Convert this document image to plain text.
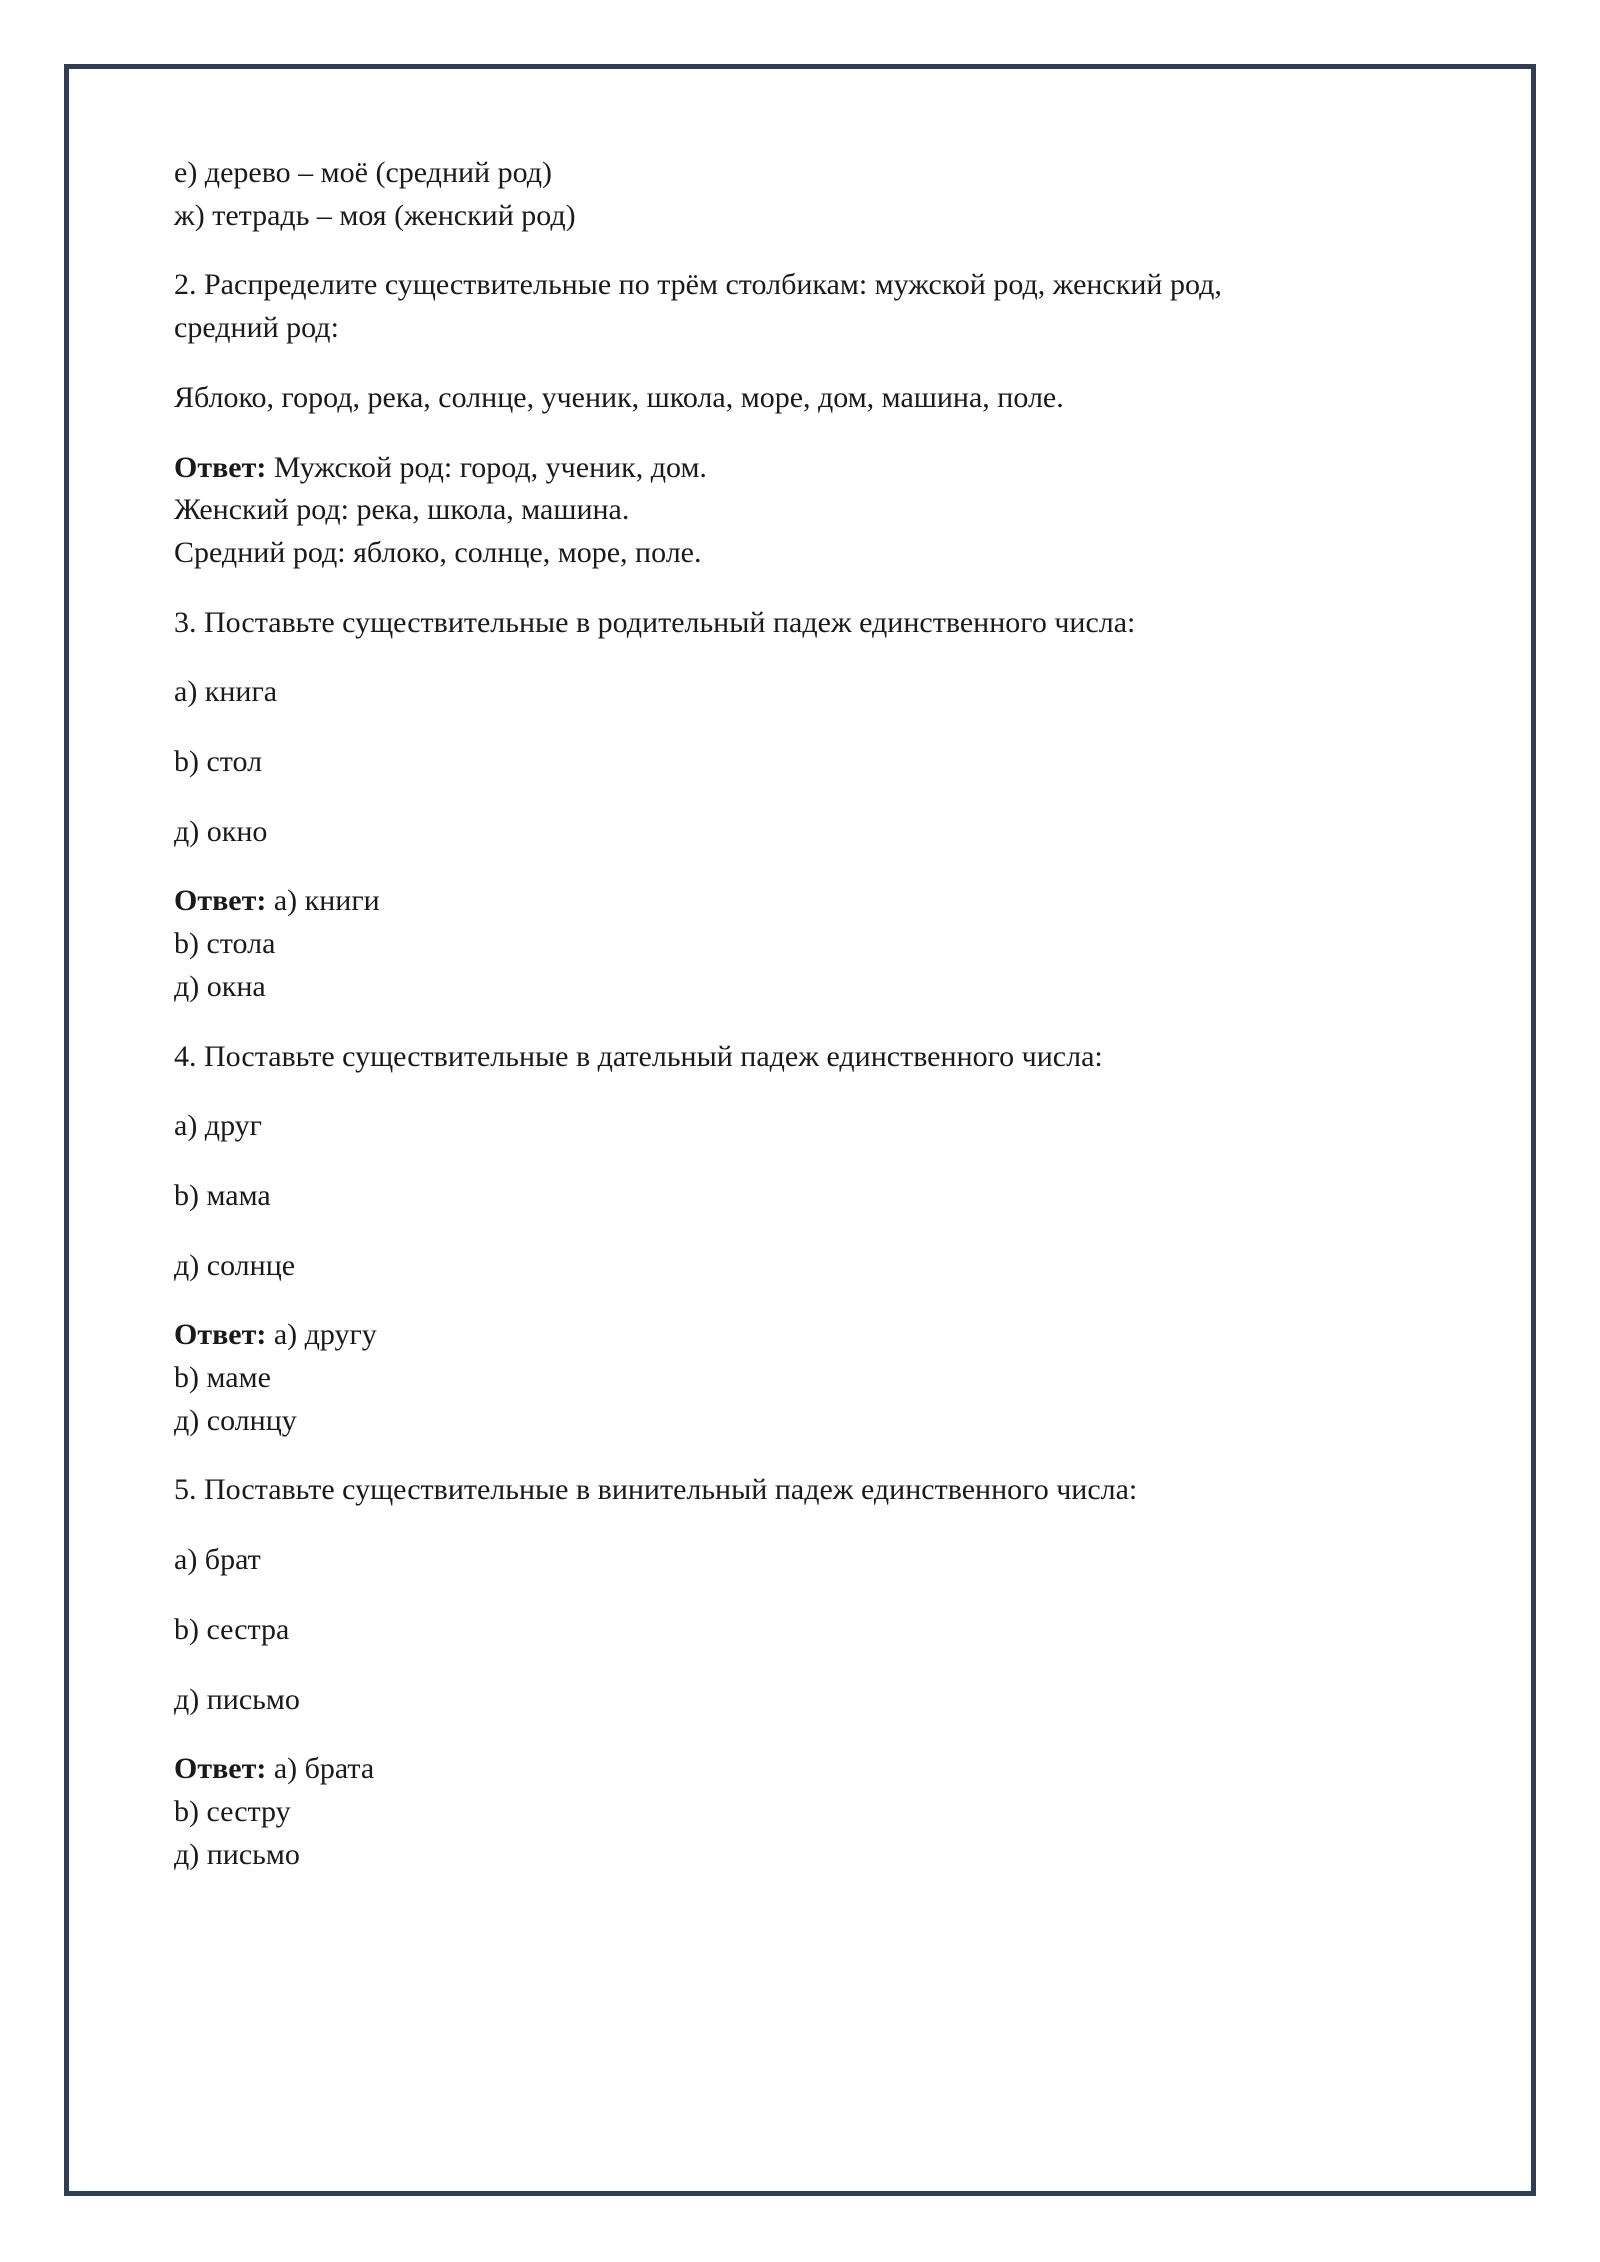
е) дерево – моё (средний род)
ж) тетрадь – моя (женский род)
2. Распределите существительные по трём столбикам: мужской род, женский род, средний род:
Яблоко, город, река, солнце, ученик, школа, море, дом, машина, поле.
Ответ: Мужской род: город, ученик, дом.
Женский род: река, школа, машина.
Средний род: яблоко, солнце, море, поле.
3. Поставьте существительные в родительный падеж единственного числа:
а) книга
b) стол
д) окно
Ответ: а) книги
b) стола
д) окна
4. Поставьте существительные в дательный падеж единственного числа:
а) друг
b) мама
д) солнце
Ответ: а) другу
b) маме
д) солнцу
5. Поставьте существительные в винительный падеж единственного числа:
а) брат
b) сестра
д) письмо
Ответ: а) брата
b) сестру
д) письмо
